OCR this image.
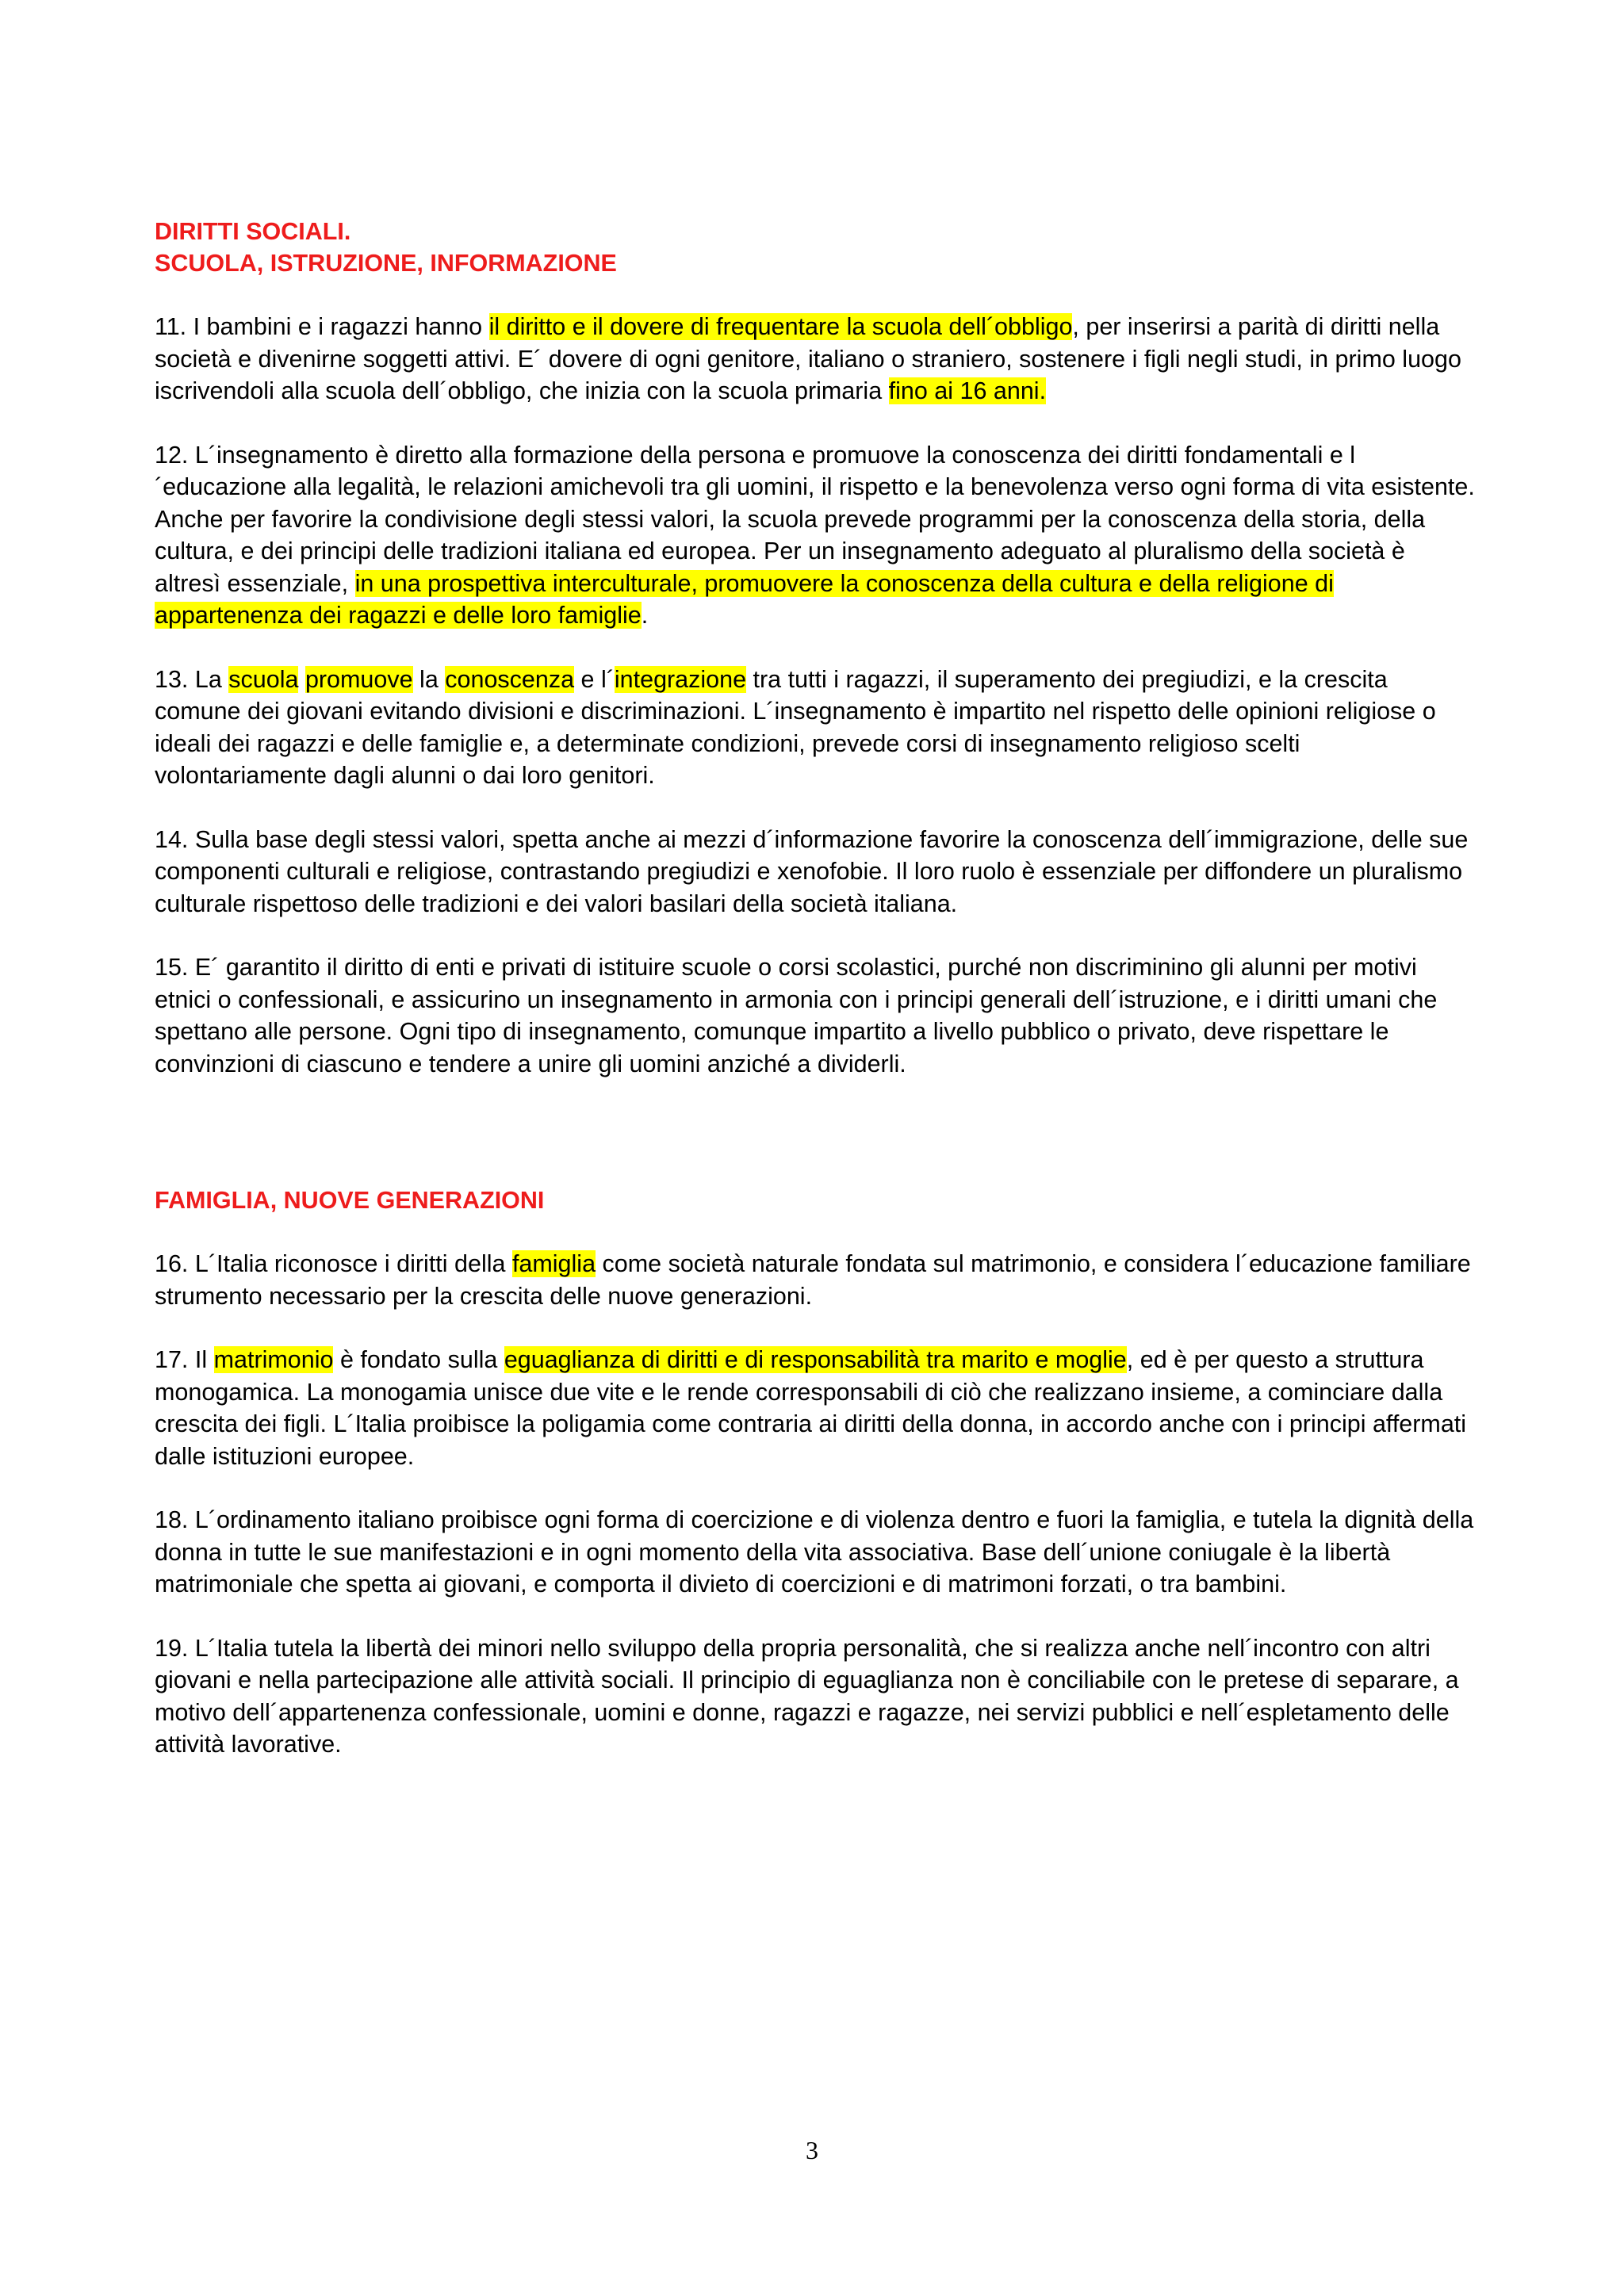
DIRITTI SOCIALI.

SCUOLA, ISTRUZIONE, INFORMAZIONE

11. I bambini e i ragazzi hanno il diritto e il dovere di frequentare la scuola dell´obbligo, per inserirsi a parità di diritti nella società e divenirne soggetti attivi. E´ dovere di ogni genitore, italiano o straniero, sostenere i figli negli studi, in primo luogo iscrivendoli alla scuola dell´obbligo, che inizia con la scuola primaria fino ai 16 anni.

12. L´insegnamento è diretto alla formazione della persona e promuove la conoscenza dei diritti fondamentali e l´educazione alla legalità, le relazioni amichevoli tra gli uomini, il rispetto e la benevolenza verso ogni forma di vita esistente. Anche per favorire la condivisione degli stessi valori, la scuola prevede programmi per la conoscenza della storia, della cultura, e dei principi delle tradizioni italiana ed europea. Per un insegnamento adeguato al pluralismo della società è altresì essenziale, in una prospettiva interculturale, promuovere la conoscenza della cultura e della religione di appartenenza dei ragazzi e delle loro famiglie.

13. La scuola promuove la conoscenza e l´integrazione tra tutti i ragazzi, il superamento dei pregiudizi, e la crescita comune dei giovani evitando divisioni e discriminazioni. L´insegnamento è impartito nel rispetto delle opinioni religiose o ideali dei ragazzi e delle famiglie e, a determinate condizioni, prevede corsi di insegnamento religioso scelti volontariamente dagli alunni o dai loro genitori.

14. Sulla base degli stessi valori, spetta anche ai mezzi d´informazione favorire la conoscenza dell´immigrazione, delle sue componenti culturali e religiose, contrastando pregiudizi e xenofobie. Il loro ruolo è essenziale per diffondere un pluralismo culturale rispettoso delle tradizioni e dei valori basilari della società italiana.

15. E´ garantito il diritto di enti e privati di istituire scuole o corsi scolastici, purché non discriminino gli alunni per motivi etnici o confessionali, e assicurino un insegnamento in armonia con i principi generali dell´istruzione, e i diritti umani che spettano alle persone. Ogni tipo di insegnamento, comunque impartito a livello pubblico o privato, deve rispettare le convinzioni di ciascuno e tendere a unire gli uomini anziché a dividerli.

FAMIGLIA, NUOVE GENERAZIONI

16. L´Italia riconosce i diritti della famiglia come società naturale fondata sul matrimonio, e considera l´educazione familiare strumento necessario per la crescita delle nuove generazioni.

17. Il matrimonio è fondato sulla eguaglianza di diritti e di responsabilità tra marito e moglie, ed è per questo a struttura monogamica. La monogamia unisce due vite e le rende corresponsabili di ciò che realizzano insieme, a cominciare dalla crescita dei figli. L´Italia proibisce la poligamia come contraria ai diritti della donna, in accordo anche con i principi affermati dalle istituzioni europee.

18. L´ordinamento italiano proibisce ogni forma di coercizione e di violenza dentro e fuori la famiglia, e tutela la dignità della donna in tutte le sue manifestazioni e in ogni momento della vita associativa. Base dell´unione coniugale è la libertà matrimoniale che spetta ai giovani, e comporta il divieto di coercizioni e di matrimoni forzati, o tra bambini.

19. L´Italia tutela la libertà dei minori nello sviluppo della propria personalità, che si realizza anche nell´incontro con altri giovani e nella partecipazione alle attività sociali. Il principio di eguaglianza non è conciliabile con le pretese di separare, a motivo dell´appartenenza confessionale, uomini e donne, ragazzi e ragazze, nei servizi pubblici e nell´espletamento delle attività lavorative.

3
